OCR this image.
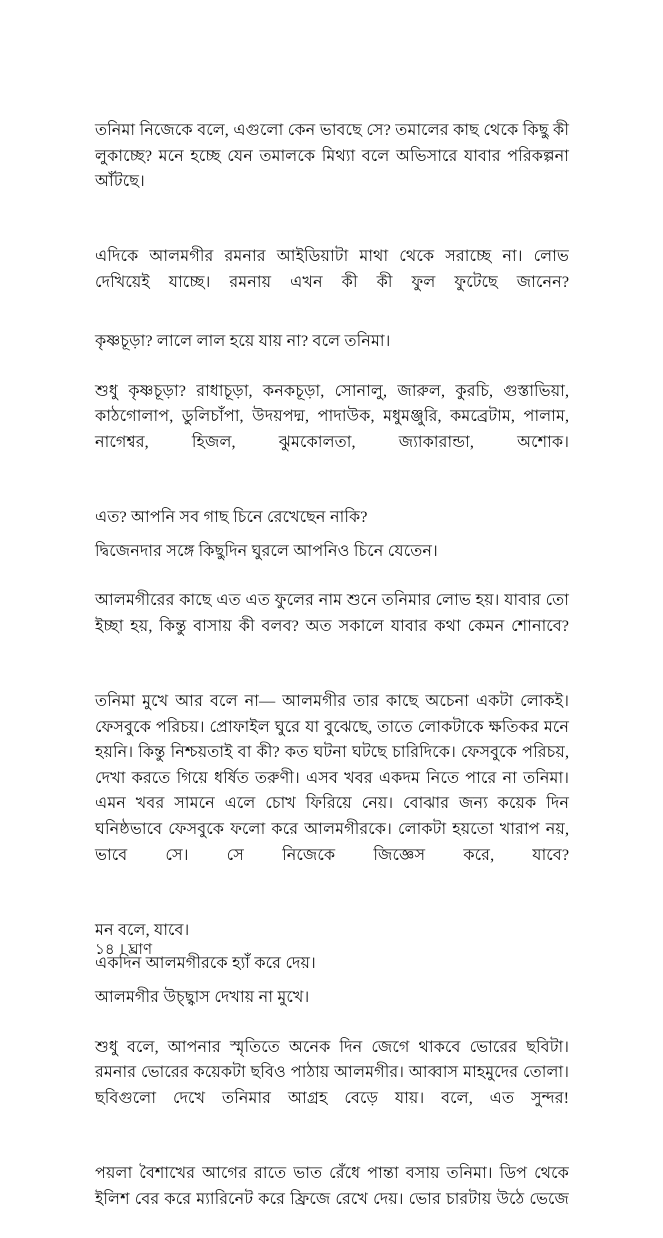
তনিমা নিজেকে বলে, এগুলো কেন ভাবছে সে? তমালের কাছ থেকে কিছু কী লুকাচ্ছে? মনে হচ্ছে যেন তমালকে মিথ্যা বলে অভিসারে যাবার পরিকল্পনা আঁটছে।

এদিকে আলমগীর রমনার আইডিয়াটা মাথা থেকে সরাচ্ছে না। লোভ দেখিয়েই যাচ্ছে। রমনায় এখন কী কী ফুল ফুটেছে জানেন?

কৃষ্ণচূড়া? লালে লাল হয়ে যায় না? বলে তনিমা।

শুধু কৃষ্ণচূড়া? রাধাচূড়া, কনকচূড়া, সোনালু, জারুল, কুরচি, গুস্তাভিয়া, কাঠগোলাপ, ডুলিচাঁপা, উদয়পদ্ম, পাদাউক, মধুমঞ্জুরি, কমব্রেটাম, পালাম, নাগেশ্বর, হিজল, ঝুমকোলতা, জ্যাকারান্ডা, অশোক।

এত? আপনি সব গাছ চিনে রেখেছেন নাকি?

দ্বিজেনদার সঙ্গে কিছুদিন ঘুরলে আপনিও চিনে যেতেন।

আলমগীরের কাছে এত এত ফুলের নাম শুনে তনিমার লোভ হয়। যাবার তো ইচ্ছা হয়, কিন্তু বাসায় কী বলব? অত সকালে যাবার কথা কেমন শোনাবে?

তনিমা মুখে আর বলে না— আলমগীর তার কাছে অচেনা একটা লোকই। ফেসবুকে পরিচয়। প্রোফাইল ঘুরে যা বুঝেছে, তাতে লোকটাকে ক্ষতিকর মনে হয়নি। কিন্তু নিশ্চয়তাই বা কী? কত ঘটনা ঘটছে চারিদিকে। ফেসবুকে পরিচয়, দেখা করতে গিয়ে ধর্ষিত তরুণী। এসব খবর একদম নিতে পারে না তনিমা। এমন খবর সামনে এলে চোখ ফিরিয়ে নেয়। বোঝার জন্য কয়েক দিন ঘনিষ্ঠভাবে ফেসবুকে ফলো করে আলমগীরকে। লোকটা হয়তো খারাপ নয়, ভাবে সে। সে নিজেকে জিজ্ঞেস করে, যাবে?

মন বলে, যাবে।

একদিন আলমগীরকে হ্যাঁ করে দেয়।

আলমগীর উচ্ছ্বাস দেখায় না মুখে।

শুধু বলে, আপনার স্মৃতিতে অনেক দিন জেগে থাকবে ভোরের ছবিটা। রমনার ভোরের কয়েকটা ছবিও পাঠায় আলমগীর। আব্বাস মাহমুদের তোলা। ছবিগুলো দেখে তনিমার আগ্রহ বেড়ে যায়। বলে, এত সুন্দর!

পয়লা বৈশাখের আগের রাতে ভাত রেঁধে পান্তা বসায় তনিমা। ডিপ থেকে ইলিশ বের করে ম্যারিনেট করে ফ্রিজে রেখে দেয়। ভোর চারটায় উঠে ভেজে

১৪ । ঘ্রাণ
